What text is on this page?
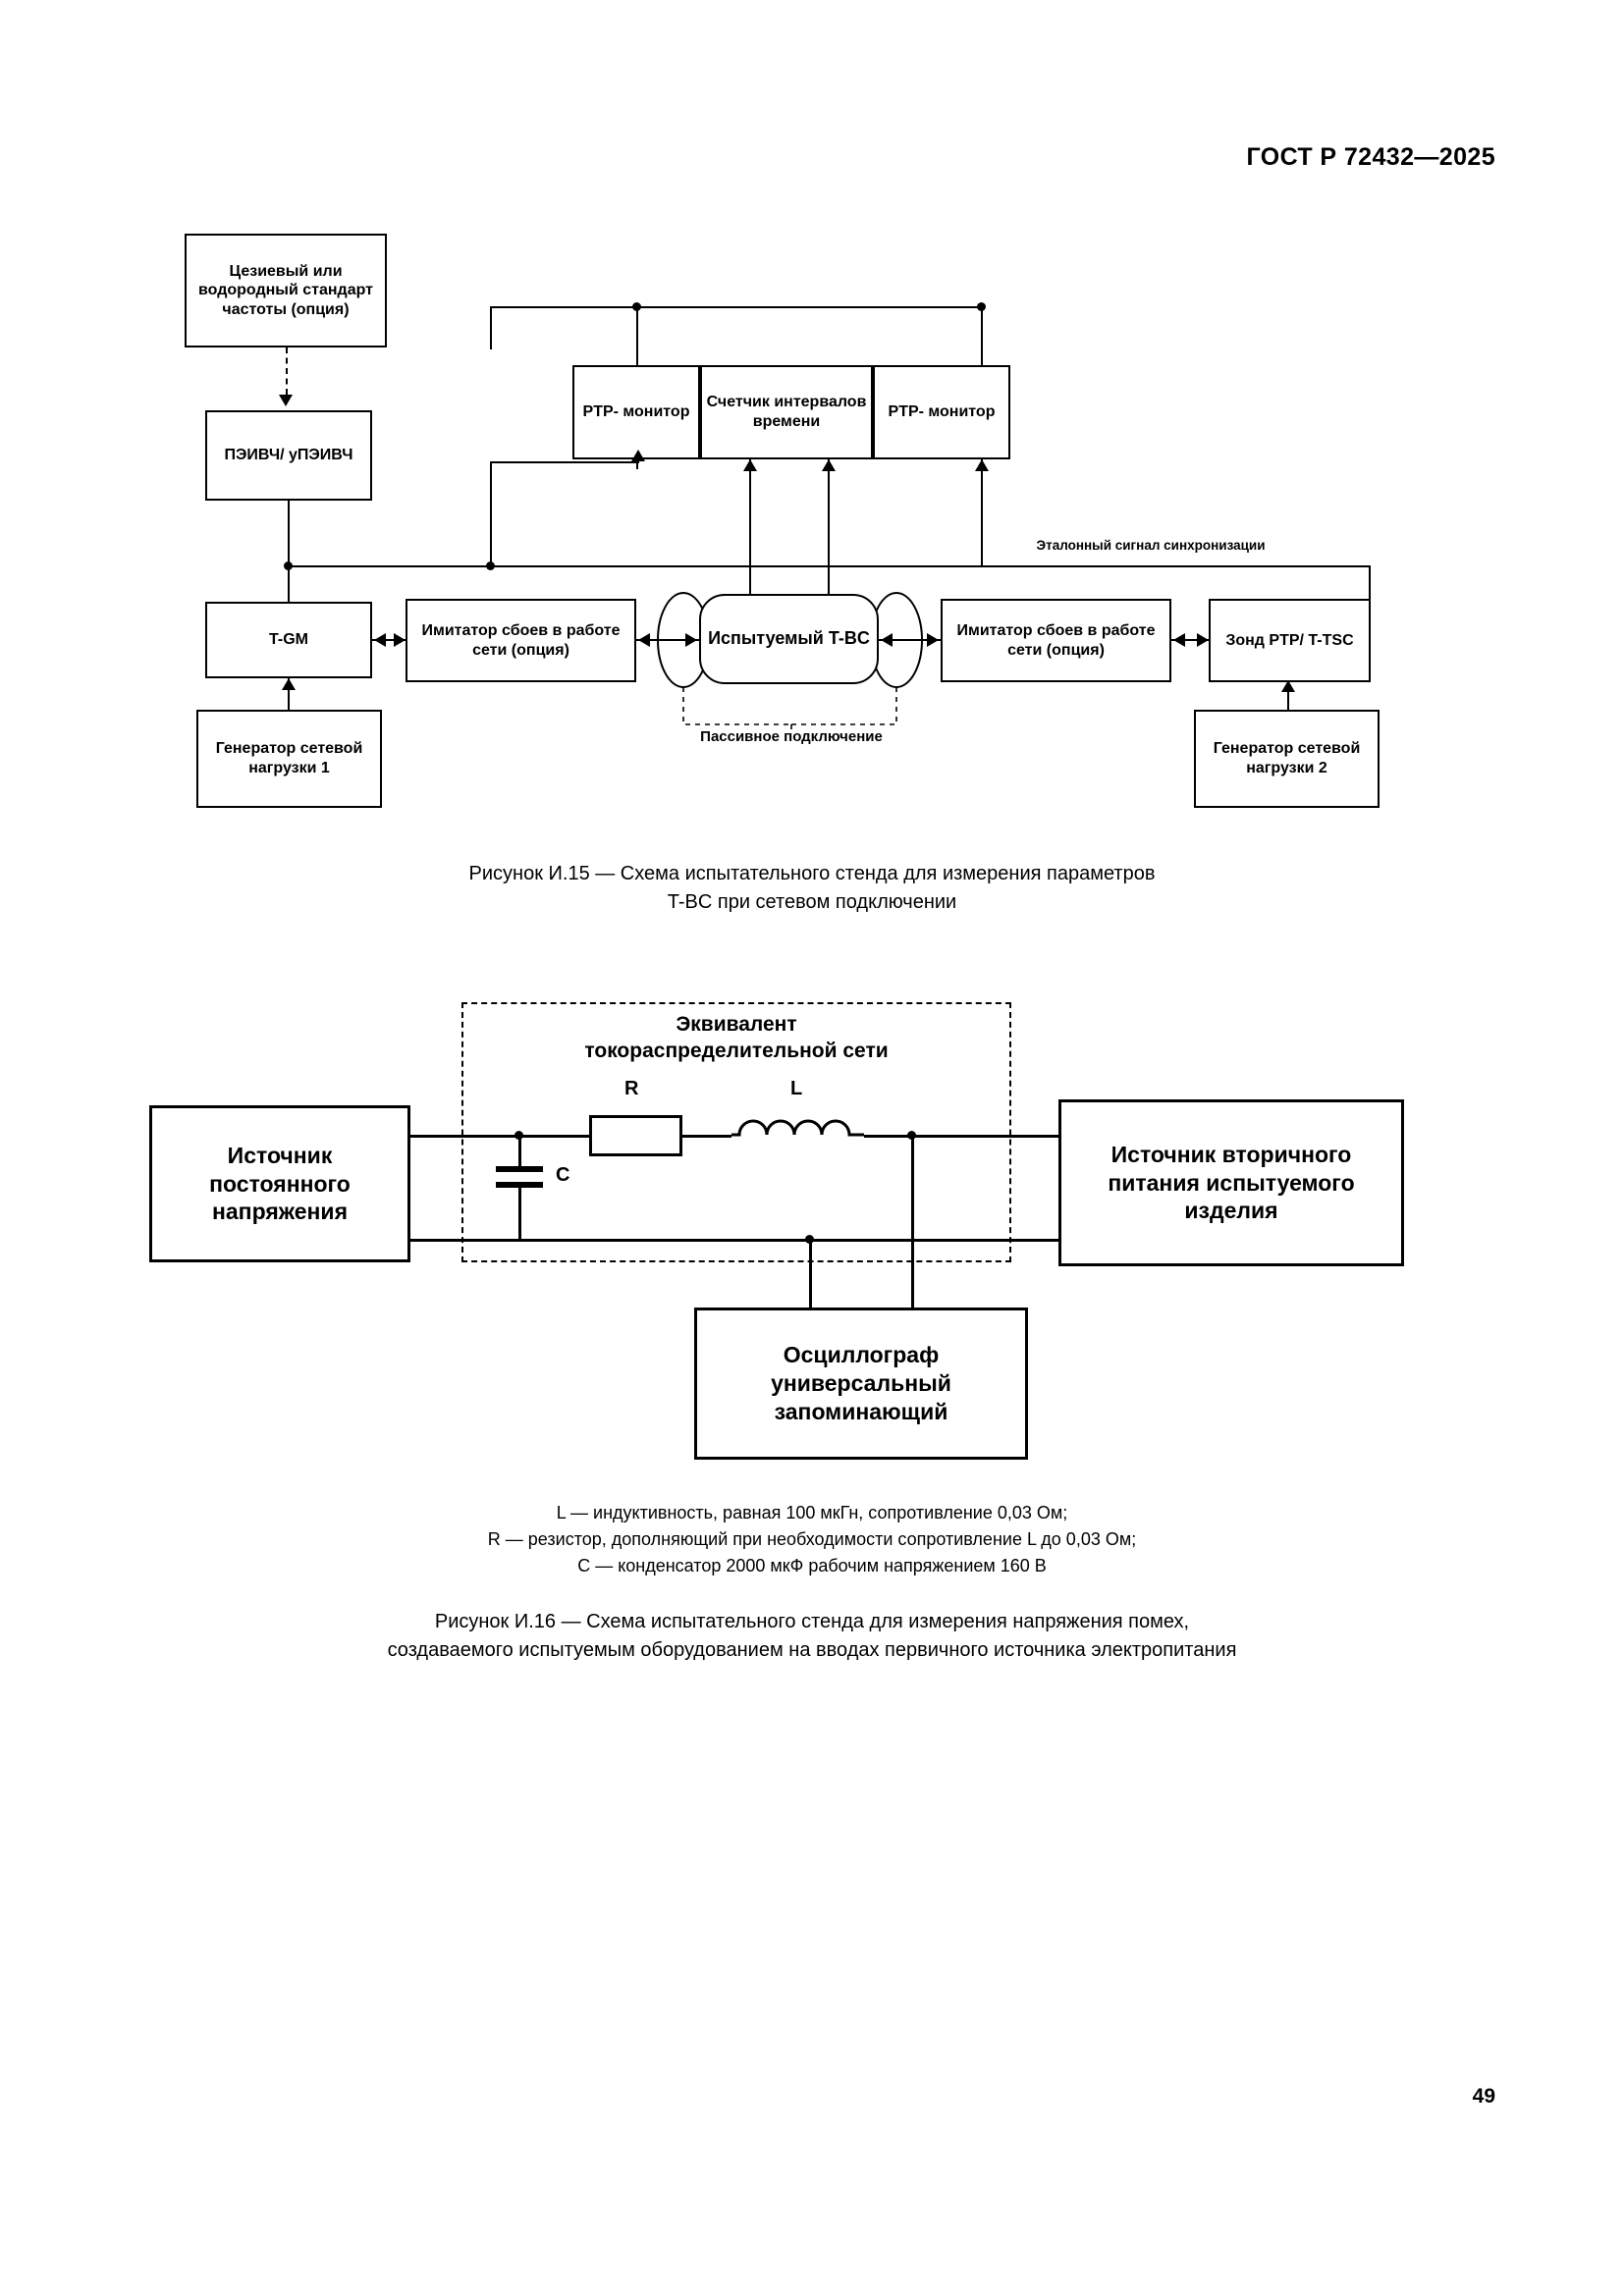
ГОСТ Р 72432—2025
Цезиевый или водородный стандарт частоты (опция)
ПЭИВЧ/ уПЭИВЧ
T-GM
Генератор сетевой нагрузки 1
PTP- монитор
Счетчик интервалов времени
PTP- монитор
Имитатор сбоев в работе сети (опция)
Испытуемый T-BC	Имитатор сбоев в работе сети (опция)
Зонд PTP/ T-TSC
Генератор сетевой нагрузки 2
Эталонный сигнал синхронизации
Пассивное подключение
Рисунок И.15 — Схема испытательного стенда для измерения параметров
T-BC при сетевом подключении
Эквивалент
токораспределительной сети
Источник постоянного напряжения
Источник вторичного питания испытуемого изделия
Осциллограф универсальный запоминающий
C
R	L
L — индуктивность, равная 100 мкГн, сопротивление 0,03 Ом;
R — резистор, дополняющий при необходимости сопротивление L до 0,03 Ом;
С — конденсатор 2000 мкФ рабочим напряжением 160 В
Рисунок И.16 — Схема испытательного стенда для измерения напряжения помех,
создаваемого испытуемым оборудованием на вводах первичного источника электропитания
49
